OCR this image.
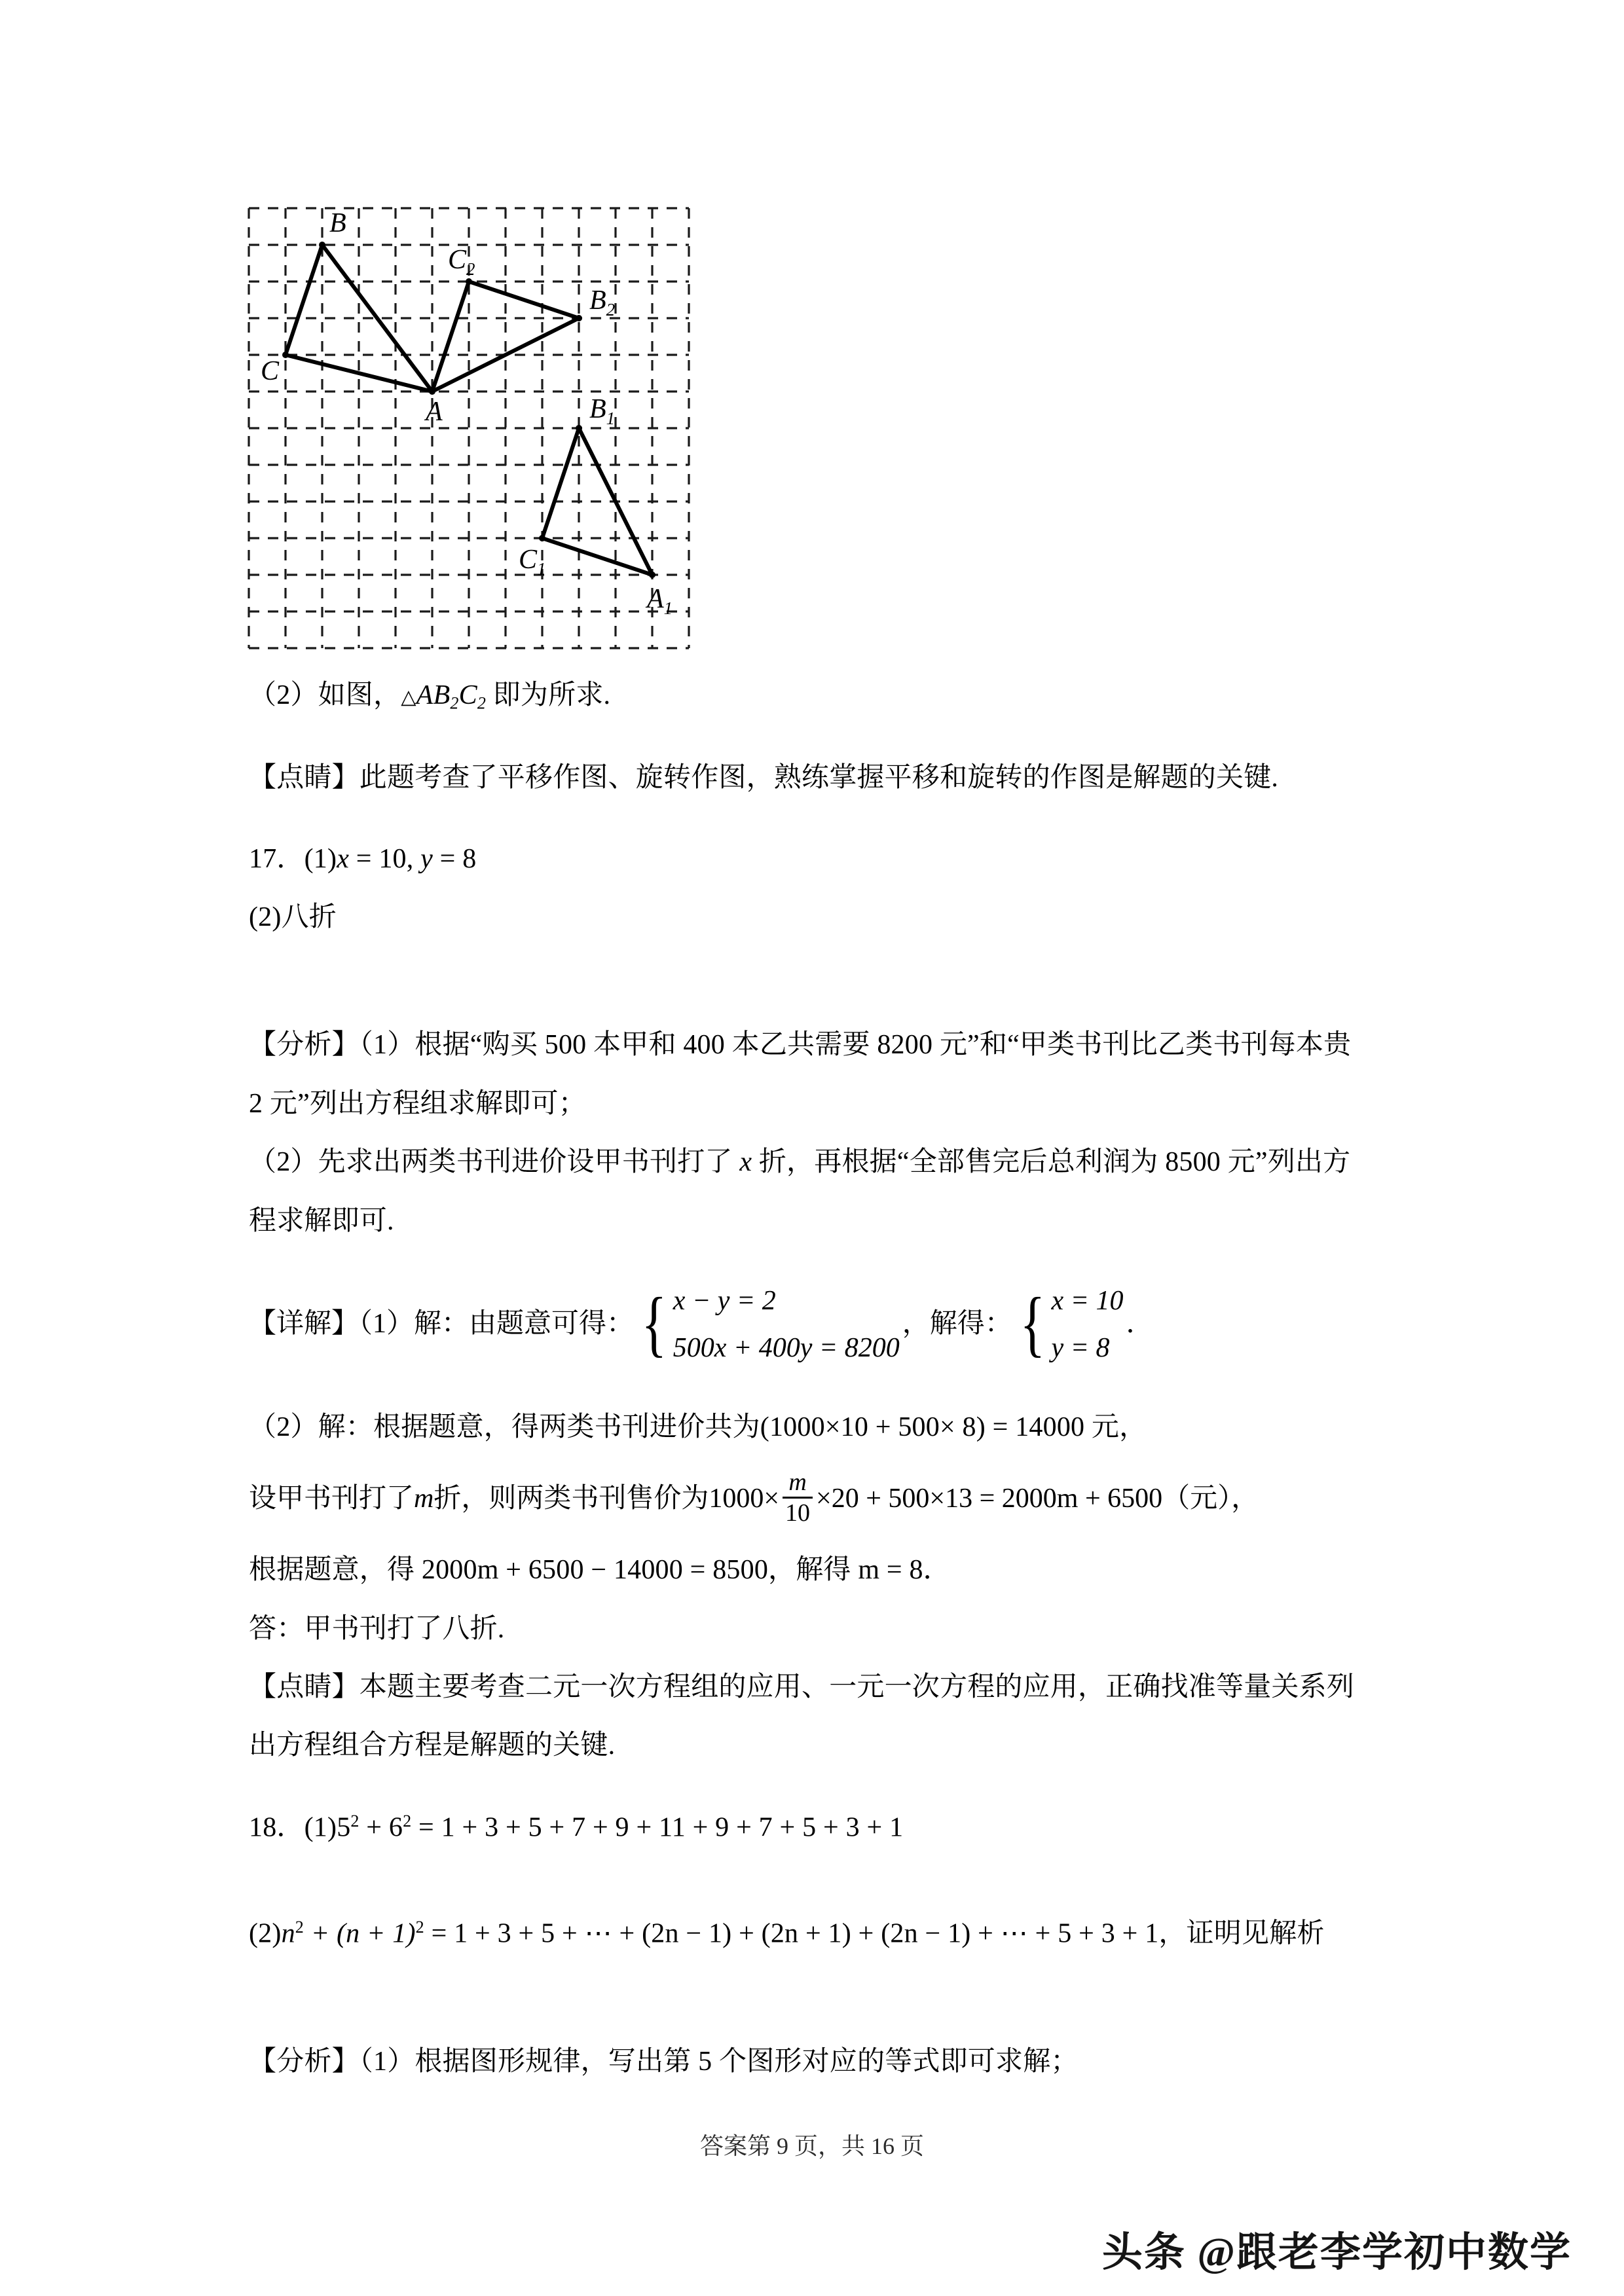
B
C
A
$C_2$
$B_2$
$B_1$
$C_1$
$A_1$

（2）如图，$\triangle AB_2C_2$ 即为所求.

【点睛】此题考查了平移作图、旋转作图，熟练掌握平移和旋转的作图是解题的关键.

17．(1)x = 10, y = 8

(2)八折

【分析】（1）根据“购买 500 本甲和 400 本乙共需要 8200 元”和“甲类书刊比乙类书刊每本贵

2 元”列出方程组求解即可；

（2）先求出两类书刊进价设甲书刊打了 x 折，再根据“全部售完后总利润为 8500 元”列出方

程求解即可.

【详解】（1）解：由题意可得： { x − y = 2
500x + 400y = 8200
，解得： { x = 10
y = 8
．

（2）解：根据题意，得两类书刊进价共为(1000×10 + 500× 8) = 14000 元，

设甲书刊打了 m 折，则两类书刊售价为$1000\times \frac{m}{10} \times 20 + 500\times 13 = 2000m + 6500$（元），

根据题意，得 2000m + 6500 − 14000 = 8500，解得 m = 8．

答：甲书刊打了八折.

【点睛】本题主要考查二元一次方程组的应用、一元一次方程的应用，正确找准等量关系列

出方程组合方程是解题的关键.

18．$(1)5^2 + 6^2 = 1 + 3 + 5 + 7 + 9 + 11 + 9 + 7 + 5 + 3 + 1$

$(2)n^2 + (n + 1)^2 = 1 + 3 + 5$ + ⋯ + (2n − 1) + (2n + 1) + (2n − 1) + ⋯ + 5 + 3 + 1，证明见解析

【分析】（1）根据图形规律，写出第 5 个图形对应的等式即可求解；

答案第 9 页，共 16 页
头条 @跟老李学初中数学
